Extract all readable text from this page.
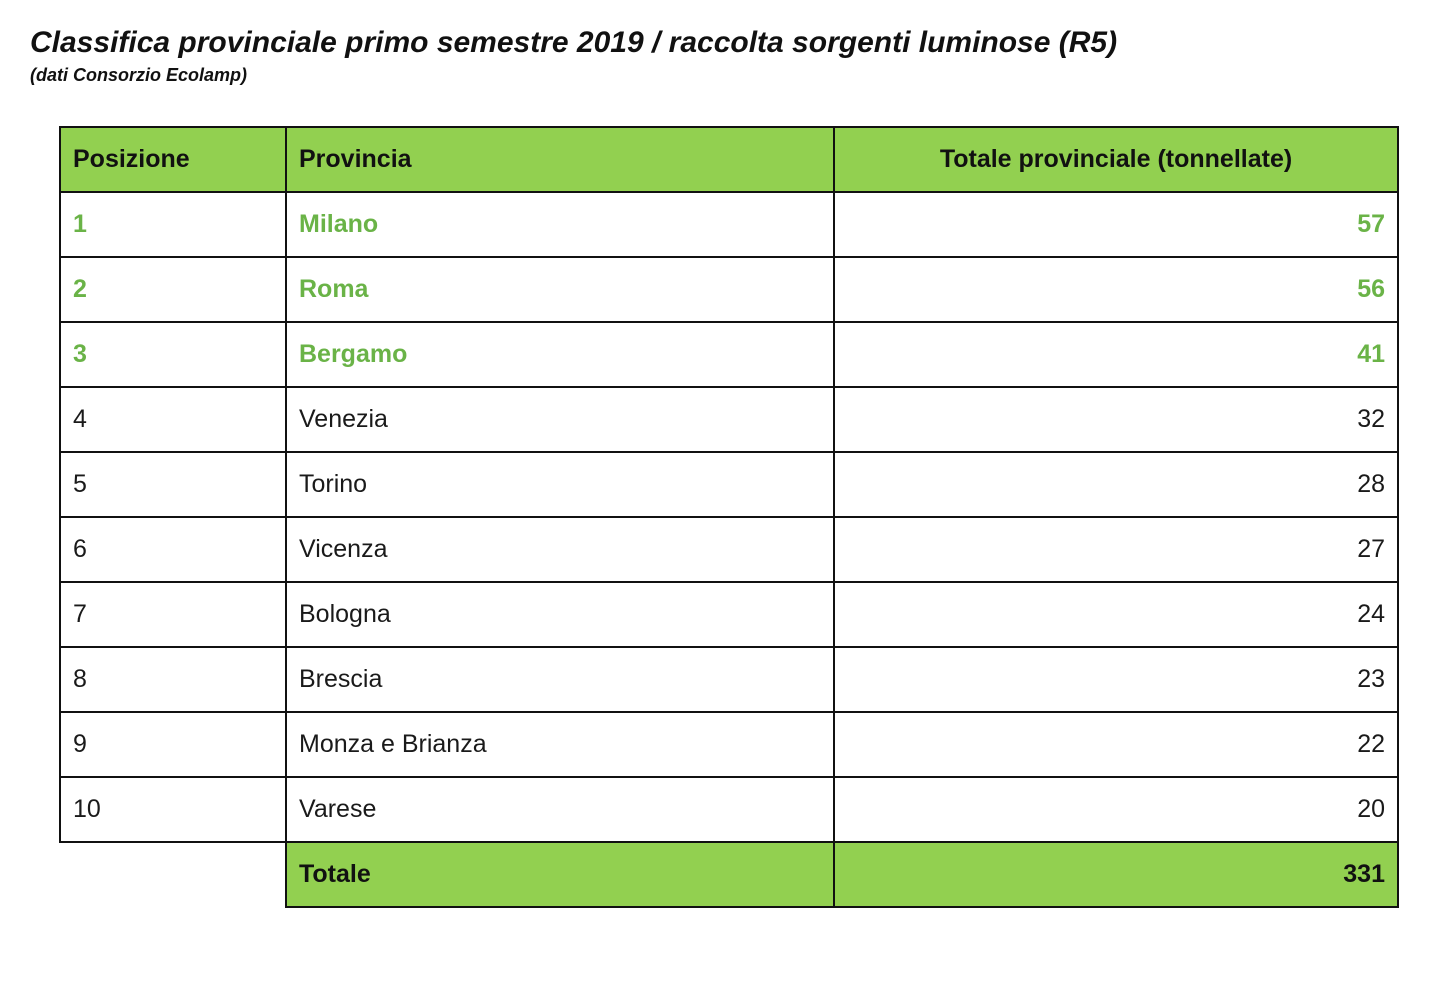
Classifica provinciale primo semestre 2019 / raccolta sorgenti luminose (R5)
(dati Consorzio Ecolamp)
Posizione	Provincia	Totale provinciale (tonnellate)
1	Milano	57
2	Roma	56
3	Bergamo	41
4	Venezia	32
5	Torino	28
6	Vicenza	27
7	Bologna	24
8	Brescia	23
9	Monza e Brianza	22
10	Varese	20
	Totale	331
